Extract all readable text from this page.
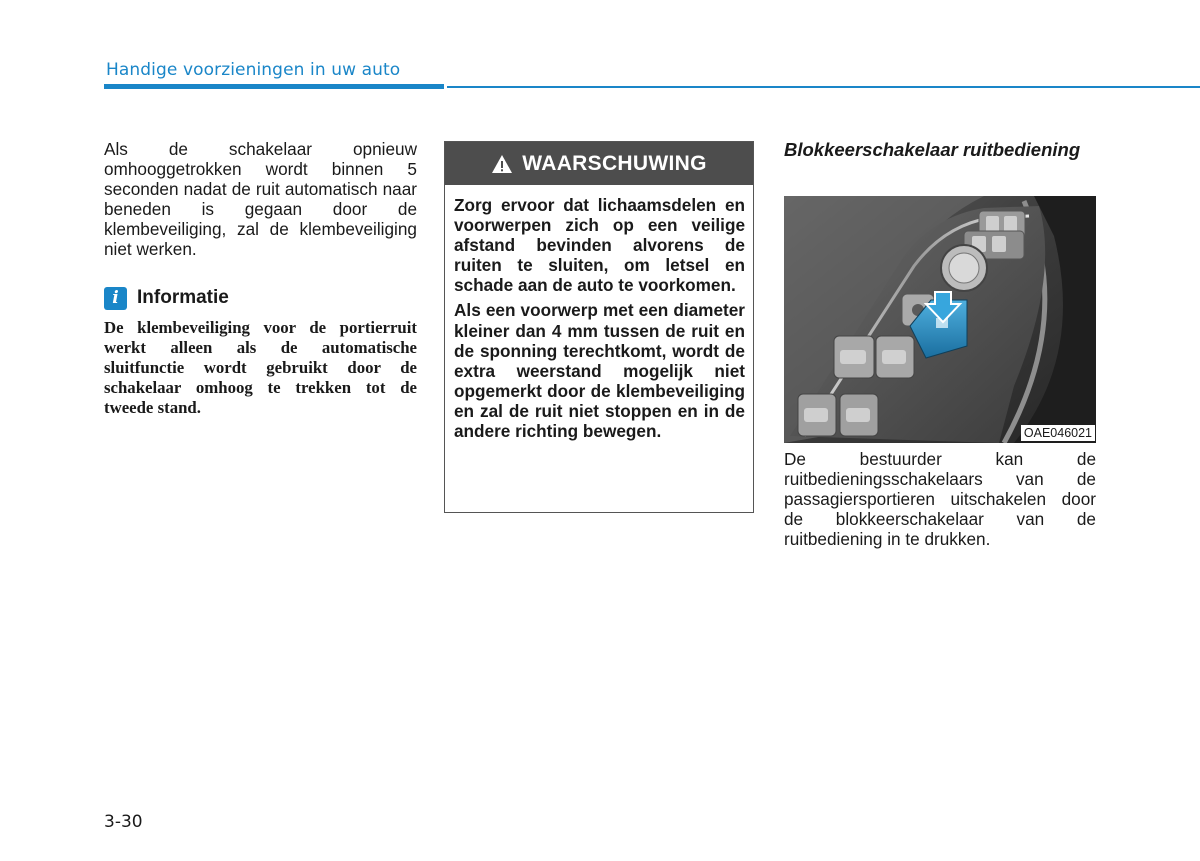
Handige voorzieningen in uw auto

Als de schakelaar opnieuw omhooggetrokken wordt binnen 5 seconden nadat de ruit automatisch naar beneden is gegaan door de klembeveiliging, zal de klembeveiliging niet werken.

i Informatie

De klembeveiliging voor de portierruit werkt alleen als de automatische sluitfunctie wordt gebruikt door de schakelaar omhoog te trekken tot de tweede stand.

WAARSCHUWING

Zorg ervoor dat lichaamsdelen en voorwerpen zich op een veilige afstand bevinden alvorens de ruiten te sluiten, om letsel en schade aan de auto te voorkomen.

Als een voorwerp met een diameter kleiner dan 4 mm tussen de ruit en de sponning terechtkomt, wordt de extra weerstand mogelijk niet opgemerkt door de klembeveiliging en zal de ruit niet stoppen en in de andere richting bewegen.

Blokkeerschakelaar ruitbediening
OAE046021

De bestuurder kan de ruitbedieningsschakelaars van de passagiersportieren uitschakelen door de blokkeerschakelaar van de ruitbediening in te drukken.

3-30
